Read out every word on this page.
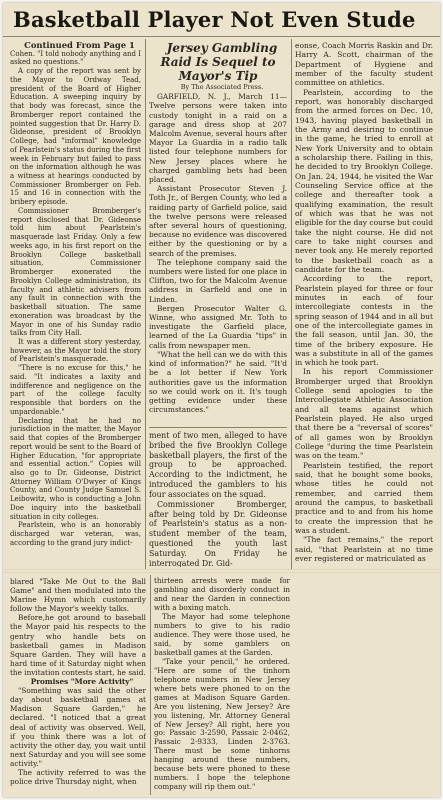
Basketball Player Not Even Stude

Continued From Page 1

Cohen. "I told nobody anything and I asked no questions."

A copy of the report was sent by the Mayor to Ordway Tead, president of the Board of Higher Education. A sweeping inquiry by that body was forecast, since the Bromberger report contained the pointed suggestion that Dr. Harry D. Gideonse, president of Brooklyn College, had "informal" knowledge of Pearlstein's status during the first week in February but failed to pass on the information although he was a witness at hearings conducted by Commissioner Bromberger on Feb. 15 and 16 in connection with the bribery episode.

Commissioner Bromberger's report disclosed that Dr. Gideonse told him about Pearlstein's masquerade last Friday. Only a few weeks ago, in his first report on the Brooklyn College basketball situation, Commissioner Bromberger exonerated the Brooklyn College administration, its faculty and athletic advisers from any fault in connection with the basketball situation. The same exoneration was broadcast by the Mayor in one of his Sunday radio talks from City Hall.

It was a different story yesterday, however, as the Mayor told the story of Pearlstein's masquerade.

"There is no excuse for this," he said. "It indicates a laxity and indifference and negligence on the part of the college faculty responsible that borders on the unpardonable."

Declaring that he had no jurisdiction in the matter, the Mayor said that copies of the Bromberger report would be sent to the Board of Higher Education, "for appropriate and essential action." Copies will also go to Dr. Gideonse, District Attorney William O'Dwyer of Kings County, and County Judge Samuel S. Leibowitz, who is conducting a John Doe inquiry into the basketball situation in city colleges.

Pearlstein, who is an honorably discharged war veteran, was, according to the grand jury indict-

Jersey Gambling Raid Is Sequel to Mayor's Tip

By The Associated Press.

GARFIELD, N. J., March 11— Twelve persons were taken into custody tonight in a raid on a garage and dress shop at 207 Malcolm Avenue, several hours after Mayor La Guardia in a radio talk listed four telephone numbers for New Jersey places where he charged gambling bets had been placed.

Assistant Prosecutor Steven J. Toth Jr., of Bergen County, who led a raiding party of Garfield police, said the twelve persons were released after several hours of questioning, because no evidence was discovered either by the questioning or by a search of the premises.

The telephone company said the numbers were listed for one place in Clifton, two for the Malcolm Avenue address in Garfield and one in Linden.

Bergen Prosecutor Walter G. Winne, who assigned Mr. Toth to investigate the Garfield place, learned of the La Guardia "tips" in calls from newspaper men.

"What the hell can we do with this kind of information?" he said. "It'd be a lot better if New York authorities gave us the information so we could work on it. It's tough getting evidence under these circumstances."

ment of two men, alleged to have bribed the five Brooklyn College basketball players, the first of the group to be approached. According to the indictment, he introduced the gamblers to his four associates on the squad.

Commissioner Bromberger, after being told by Dr. Gideonse of Pearlstein's status as a non-student member of the team, questioned the youth last Saturday. On Friday he interrogated Dr. Gid-

eonse, Coach Morris Raskin and Dr. Harry A. Scott, chairman of the Department of Hygiene and member of the faculty student committee on athletics.

Pearlstein, according to the report, was honorably discharged from the armed forces on Dec. 10, 1943, having played basketball in the Army and desiring to continue in the game, he tried to enroll at New York University and to obtain a scholarship there. Failing in this, he decided to try Brooklyn College. On Jan. 24, 1944, he visited the War Counseling Service office at the college and thereafter took a qualifying examination, the result of which was that he was not eligible for the day course but could take the night course. He did not care to take night courses and never took any. He merely reported to the basketball coach as a candidate for the team.

According to the report, Pearlstein played for three or four minutes in each of four intercollegiate contests in the spring season of 1944 and in all but one of the intercollegiate games in the fall season, until Jan. 30, the time of the bribery exposure. He was a substitute in all of the games in which he took part.

In his report Commissioner Bromberger urged that Brooklyn College send apologies to the Intercollegiate Athletic Association and all teams against which Pearlstein played. He also urged that there be a "reversal of scores" of all games won by Brooklyn College "during the time Pearlstein was on the team."

Pearlstein testified, the report said, that he bought some books, whose titles he could not remember, and carried them around the campus, to basketball practice and to and from his home to create the impression that he was a student.

"The fact remains," the report said, "that Pearlstein at no time ever registered or matriculated as

blared "Take Me Out to the Ball Game" and then modulated into the Marine Hymn which customarily follow the Mayor's weekly talks.

Before,he got around to baseball the Mayor paid his respects to the gentry who handle bets on basketball games in Madison Square Garden. They will have a hard time of it Saturday night when the invitation contests start, he said.

Promises "More Activity"

"Something was said the other day about basketball games at Madison Square Garden," he declared. "I noticed that a great deal of activity was observed. Well, if you think there was a lot of activity the other day, you wait until next Saturday and you will see some activity."

The activity referred to was the police drive Thursday night, when

thirteen arrests were made for gambling and disorderly conduct in and near the Garden in connection with a boxing match.

The Mayor had some telephone numbers to give to his radio audience. They were those used, he said, by some gamblers on basketball games at the Garden.

"Take your pencil," he ordered. "Here are some of the tinhorn telephone numbers in New Jersey where bets were phoned to on the games at Madison Square Garden. Are you listening, New Jersey? Are you listening, Mr. Attorney General of New Jersey? All right, here you go: Passaic 3-2590, Passaic 2-0462, Passaic 2-9333, Linden 2-3763. There must be some tinhorns hanging around these numbers, because bets were phoned to these numbers. I hope the telephone company will rip them out."
